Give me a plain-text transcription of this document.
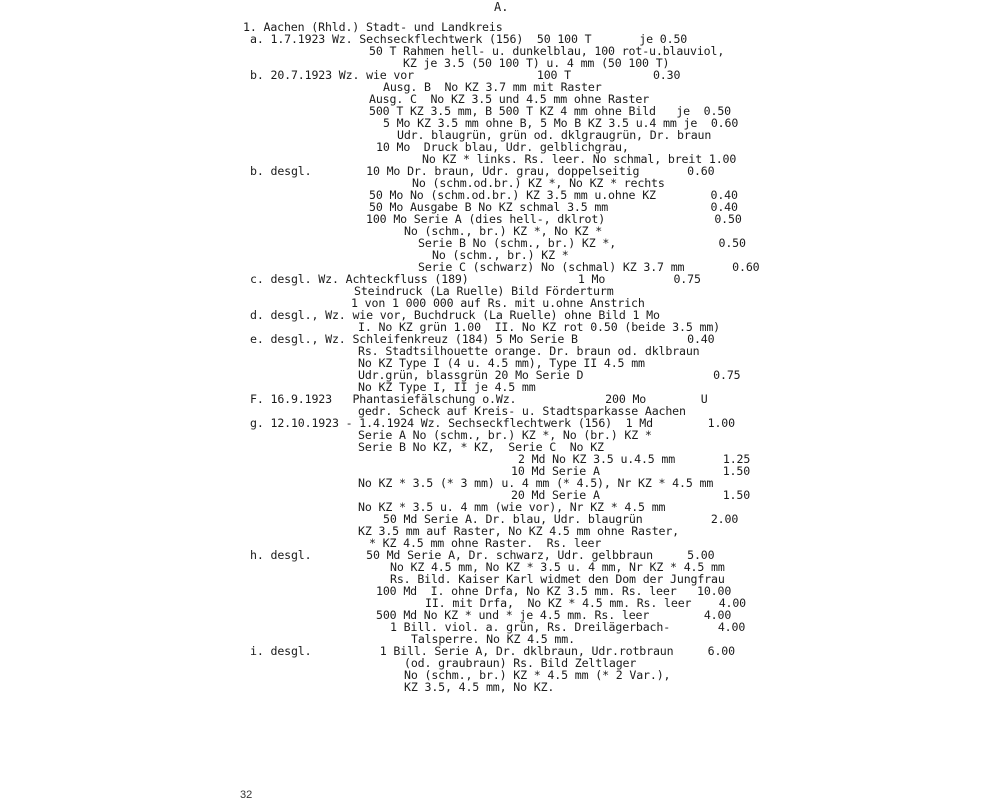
A.
1. Aachen (Rhld.) Stadt- und Landkreis
a. 1.7.1923 Wz. Sechseckflechtwerk (156)  50 100 T       je 0.50
50 T Rahmen hell- u. dunkelblau, 100 rot-u.blauviol,
KZ je 3.5 (50 100 T) u. 4 mm (50 100 T)
b. 20.7.1923 Wz. wie vor                  100 T            0.30
Ausg. B  No KZ 3.7 mm mit Raster
Ausg. C  No KZ 3.5 und 4.5 mm ohne Raster
500 T KZ 3.5 mm, B 500 T KZ 4 mm ohne Bild   je  0.50
5 Mo KZ 3.5 mm ohne B, 5 Mo B KZ 3.5 u.4 mm je  0.60
Udr. blaugrün, grün od. dklgraugrün, Dr. braun
10 Mo  Druck blau, Udr. gelblichgrau,
No KZ * links. Rs. leer. No schmal, breit 1.00
b. desgl.        10 Mo Dr. braun, Udr. grau, doppelseitig       0.60
No (schm.od.br.) KZ *, No KZ * rechts
50 Mo No (schm.od.br.) KZ 3.5 mm u.ohne KZ        0.40
50 Mo Ausgabe B No KZ schmal 3.5 mm               0.40
100 Mo Serie A (dies hell-, dklrot)                0.50
No (schm., br.) KZ *, No KZ *
Serie B No (schm., br.) KZ *,               0.50
No (schm., br.) KZ *
Serie C (schwarz) No (schmal) KZ 3.7 mm       0.60
c. desgl. Wz. Achteckfluss (189)                1 Mo          0.75
Steindruck (La Ruelle) Bild Förderturm
1 von 1 000 000 auf Rs. mit u.ohne Anstrich
d. desgl., Wz. wie vor, Buchdruck (La Ruelle) ohne Bild 1 Mo
I. No KZ grün 1.00  II. No KZ rot 0.50 (beide 3.5 mm)
e. desgl., Wz. Schleifenkreuz (184) 5 Mo Serie B                0.40
Rs. Stadtsilhouette orange. Dr. braun od. dklbraun
No KZ Type I (4 u. 4.5 mm), Type II 4.5 mm
Udr.grün, blassgrün 20 Mo Serie D                   0.75
No KZ Type I, II je 4.5 mm
F. 16.9.1923   Phantasiefälschung o.Wz.             200 Mo        U
gedr. Scheck auf Kreis- u. Stadtsparkasse Aachen
g. 12.10.1923 - 1.4.1924 Wz. Sechseckflechtwerk (156)  1 Md        1.00
Serie A No (schm., br.) KZ *, No (br.) KZ *
Serie B No KZ, * KZ,  Serie C  No KZ
2 Md No KZ 3.5 u.4.5 mm       1.25
10 Md Serie A                  1.50
No KZ * 3.5 (* 3 mm) u. 4 mm (* 4.5), Nr KZ * 4.5 mm
20 Md Serie A                  1.50
No KZ * 3.5 u. 4 mm (wie vor), Nr KZ * 4.5 mm
50 Md Serie A. Dr. blau, Udr. blaugrün          2.00
KZ 3.5 mm auf Raster, No KZ 4.5 mm ohne Raster,
* KZ 4.5 mm ohne Raster.  Rs. leer
h. desgl.        50 Md Serie A, Dr. schwarz, Udr. gelbbraun     5.00
No KZ 4.5 mm, No KZ * 3.5 u. 4 mm, Nr KZ * 4.5 mm
Rs. Bild. Kaiser Karl widmet den Dom der Jungfrau
100 Md  I. ohne Drfa, No KZ 3.5 mm. Rs. leer   10.00
II. mit Drfa,  No KZ * 4.5 mm. Rs. leer    4.00
500 Md No KZ * und * je 4.5 mm. Rs. leer        4.00
1 Bill. viol. a. grün, Rs. Dreilägerbach-       4.00
Talsperre. No KZ 4.5 mm.
i. desgl.          1 Bill. Serie A, Dr. dklbraun, Udr.rotbraun     6.00
(od. graubraun) Rs. Bild Zeltlager
No (schm., br.) KZ * 4.5 mm (* 2 Var.),
KZ 3.5, 4.5 mm, No KZ.
32
